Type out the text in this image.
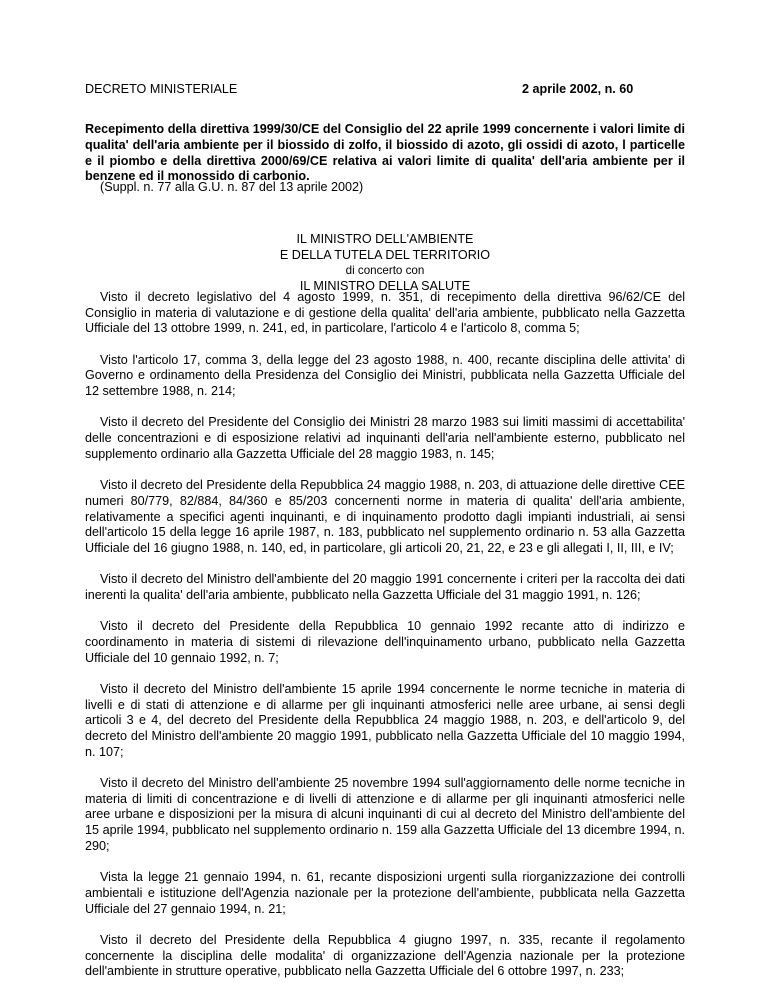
DECRETO MINISTERIALE	2 aprile 2002, n. 60
Recepimento della direttiva 1999/30/CE del Consiglio del 22 aprile 1999 concernente i valori limite di qualita' dell'aria ambiente per il biossido di zolfo, il biossido di azoto, gli ossidi di azoto, l particelle e il piombo e della direttiva 2000/69/CE relativa ai valori limite di qualita' dell'aria ambiente per il benzene ed il monossido di carbonio.
(Suppl. n. 77 alla G.U. n. 87 del 13 aprile 2002)
IL MINISTRO DELL'AMBIENTE
E DELLA TUTELA DEL TERRITORIO
di concerto con
IL MINISTRO DELLA SALUTE

Visto il decreto legislativo del 4 agosto 1999, n. 351, di recepimento della direttiva 96/62/CE del Consiglio in materia di valutazione e di gestione della qualita' dell'aria ambiente, pubblicato nella Gazzetta Ufficiale del 13 ottobre 1999, n. 241, ed, in particolare, l'articolo 4 e l'articolo 8, comma 5;

Visto l'articolo 17, comma 3, della legge del 23 agosto 1988, n. 400, recante disciplina delle attivita' di Governo e ordinamento della Presidenza del Consiglio dei Ministri, pubblicata nella Gazzetta Ufficiale del 12 settembre 1988, n. 214;

Visto il decreto del Presidente del Consiglio dei Ministri 28 marzo 1983 sui limiti massimi di accettabilita' delle concentrazioni e di esposizione relativi ad inquinanti dell'aria nell'ambiente esterno, pubblicato nel supplemento ordinario alla Gazzetta Ufficiale del 28 maggio 1983, n. 145;

Visto il decreto del Presidente della Repubblica 24 maggio 1988, n. 203, di attuazione delle direttive CEE numeri 80/779, 82/884, 84/360 e 85/203 concernenti norme in materia di qualita' dell'aria ambiente, relativamente a specifici agenti inquinanti, e di inquinamento prodotto dagli impianti industriali, ai sensi dell'articolo 15 della legge 16 aprile 1987, n. 183, pubblicato nel supplemento ordinario n. 53 alla Gazzetta Ufficiale del 16 giugno 1988, n. 140, ed, in particolare, gli articoli 20, 21, 22, e 23 e gli allegati I, II, III, e IV;

Visto il decreto del Ministro dell'ambiente del 20 maggio 1991 concernente i criteri per la raccolta dei dati inerenti la qualita' dell'aria ambiente, pubblicato nella Gazzetta Ufficiale del 31 maggio 1991, n. 126;

Visto il decreto del Presidente della Repubblica 10 gennaio 1992 recante atto di indirizzo e coordinamento in materia di sistemi di rilevazione dell'inquinamento urbano, pubblicato nella Gazzetta Ufficiale del 10 gennaio 1992, n. 7;

Visto il decreto del Ministro dell'ambiente 15 aprile 1994 concernente le norme tecniche in materia di livelli e di stati di attenzione e di allarme per gli inquinanti atmosferici nelle aree urbane, ai sensi degli articoli 3 e 4, del decreto del Presidente della Repubblica 24 maggio 1988, n. 203, e dell'articolo 9, del decreto del Ministro dell'ambiente 20 maggio 1991, pubblicato nella Gazzetta Ufficiale del 10 maggio 1994, n. 107;

Visto il decreto del Ministro dell'ambiente 25 novembre 1994 sull'aggiornamento delle norme tecniche in materia di limiti di concentrazione e di livelli di attenzione e di allarme per gli inquinanti atmosferici nelle aree urbane e disposizioni per la misura di alcuni inquinanti di cui al decreto del Ministro dell'ambiente del 15 aprile 1994, pubblicato nel supplemento ordinario n. 159 alla Gazzetta Ufficiale del 13 dicembre 1994, n. 290;

Vista la legge 21 gennaio 1994, n. 61, recante disposizioni urgenti sulla riorganizzazione dei controlli ambientali e istituzione dell'Agenzia nazionale per la protezione dell'ambiente, pubblicata nella Gazzetta Ufficiale del 27 gennaio 1994, n. 21;

Visto il decreto del Presidente della Repubblica 4 giugno 1997, n. 335, recante il regolamento concernente la disciplina delle modalita' di organizzazione dell'Agenzia nazionale per la protezione dell'ambiente in strutture operative, pubblicato nella Gazzetta Ufficiale del 6 ottobre 1997, n. 233;
